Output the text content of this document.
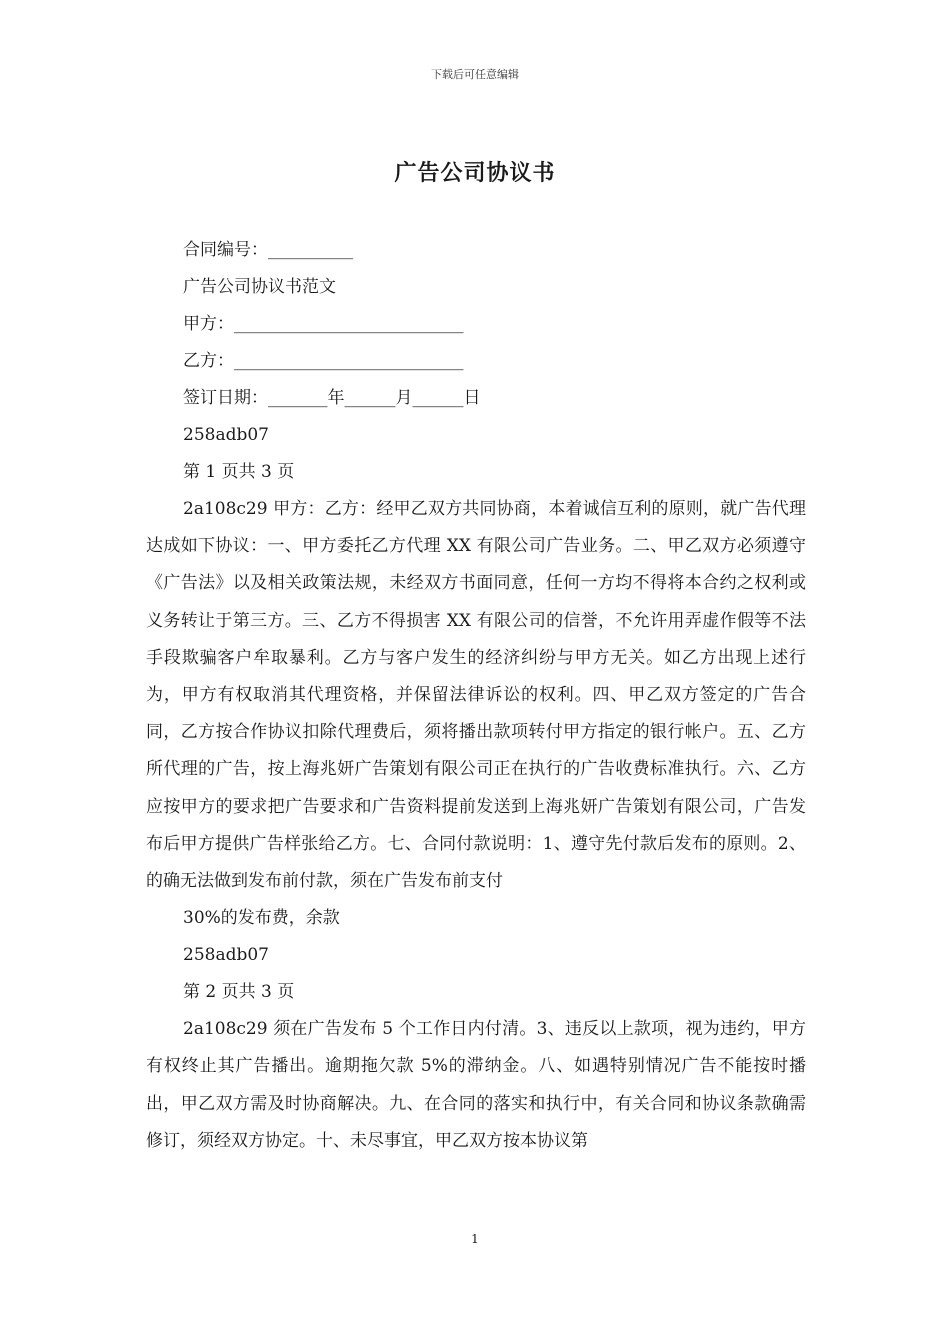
下载后可任意编辑
广告公司协议书
合同编号：__________
广告公司协议书范文
甲方：___________________________
乙方：___________________________
签订日期：_______年______月______日
258adb07
第 1 页共 3 页
2a108c29 甲方：乙方：经甲乙双方共同协商，本着诚信互利的原则，就广告代理达成如下协议：一、甲方委托乙方代理 XX 有限公司广告业务。二、甲乙双方必须遵守《广告法》以及相关政策法规，未经双方书面同意，任何一方均不得将本合约之权利或义务转让于第三方。三、乙方不得损害 XX 有限公司的信誉，不允许用弄虚作假等不法手段欺骗客户牟取暴利。乙方与客户发生的经济纠纷与甲方无关。如乙方出现上述行为，甲方有权取消其代理资格，并保留法律诉讼的权利。四、甲乙双方签定的广告合同，乙方按合作协议扣除代理费后，须将播出款项转付甲方指定的银行帐户。五、乙方所代理的广告，按上海兆妍广告策划有限公司正在执行的广告收费标准执行。六、乙方应按甲方的要求把广告要求和广告资料提前发送到上海兆妍广告策划有限公司，广告发布后甲方提供广告样张给乙方。七、合同付款说明：1、遵守先付款后发布的原则。2、的确无法做到发布前付款，须在广告发布前支付
30%的发布费，余款
258adb07
第 2 页共 3 页
2a108c29 须在广告发布 5 个工作日内付清。3、违反以上款项，视为违约，甲方有权终止其广告播出。逾期拖欠款 5%的滞纳金。八、如遇特别情况广告不能按时播出，甲乙双方需及时协商解决。九、在合同的落实和执行中，有关合同和协议条款确需修订，须经双方协定。十、未尽事宜，甲乙双方按本协议第
1
